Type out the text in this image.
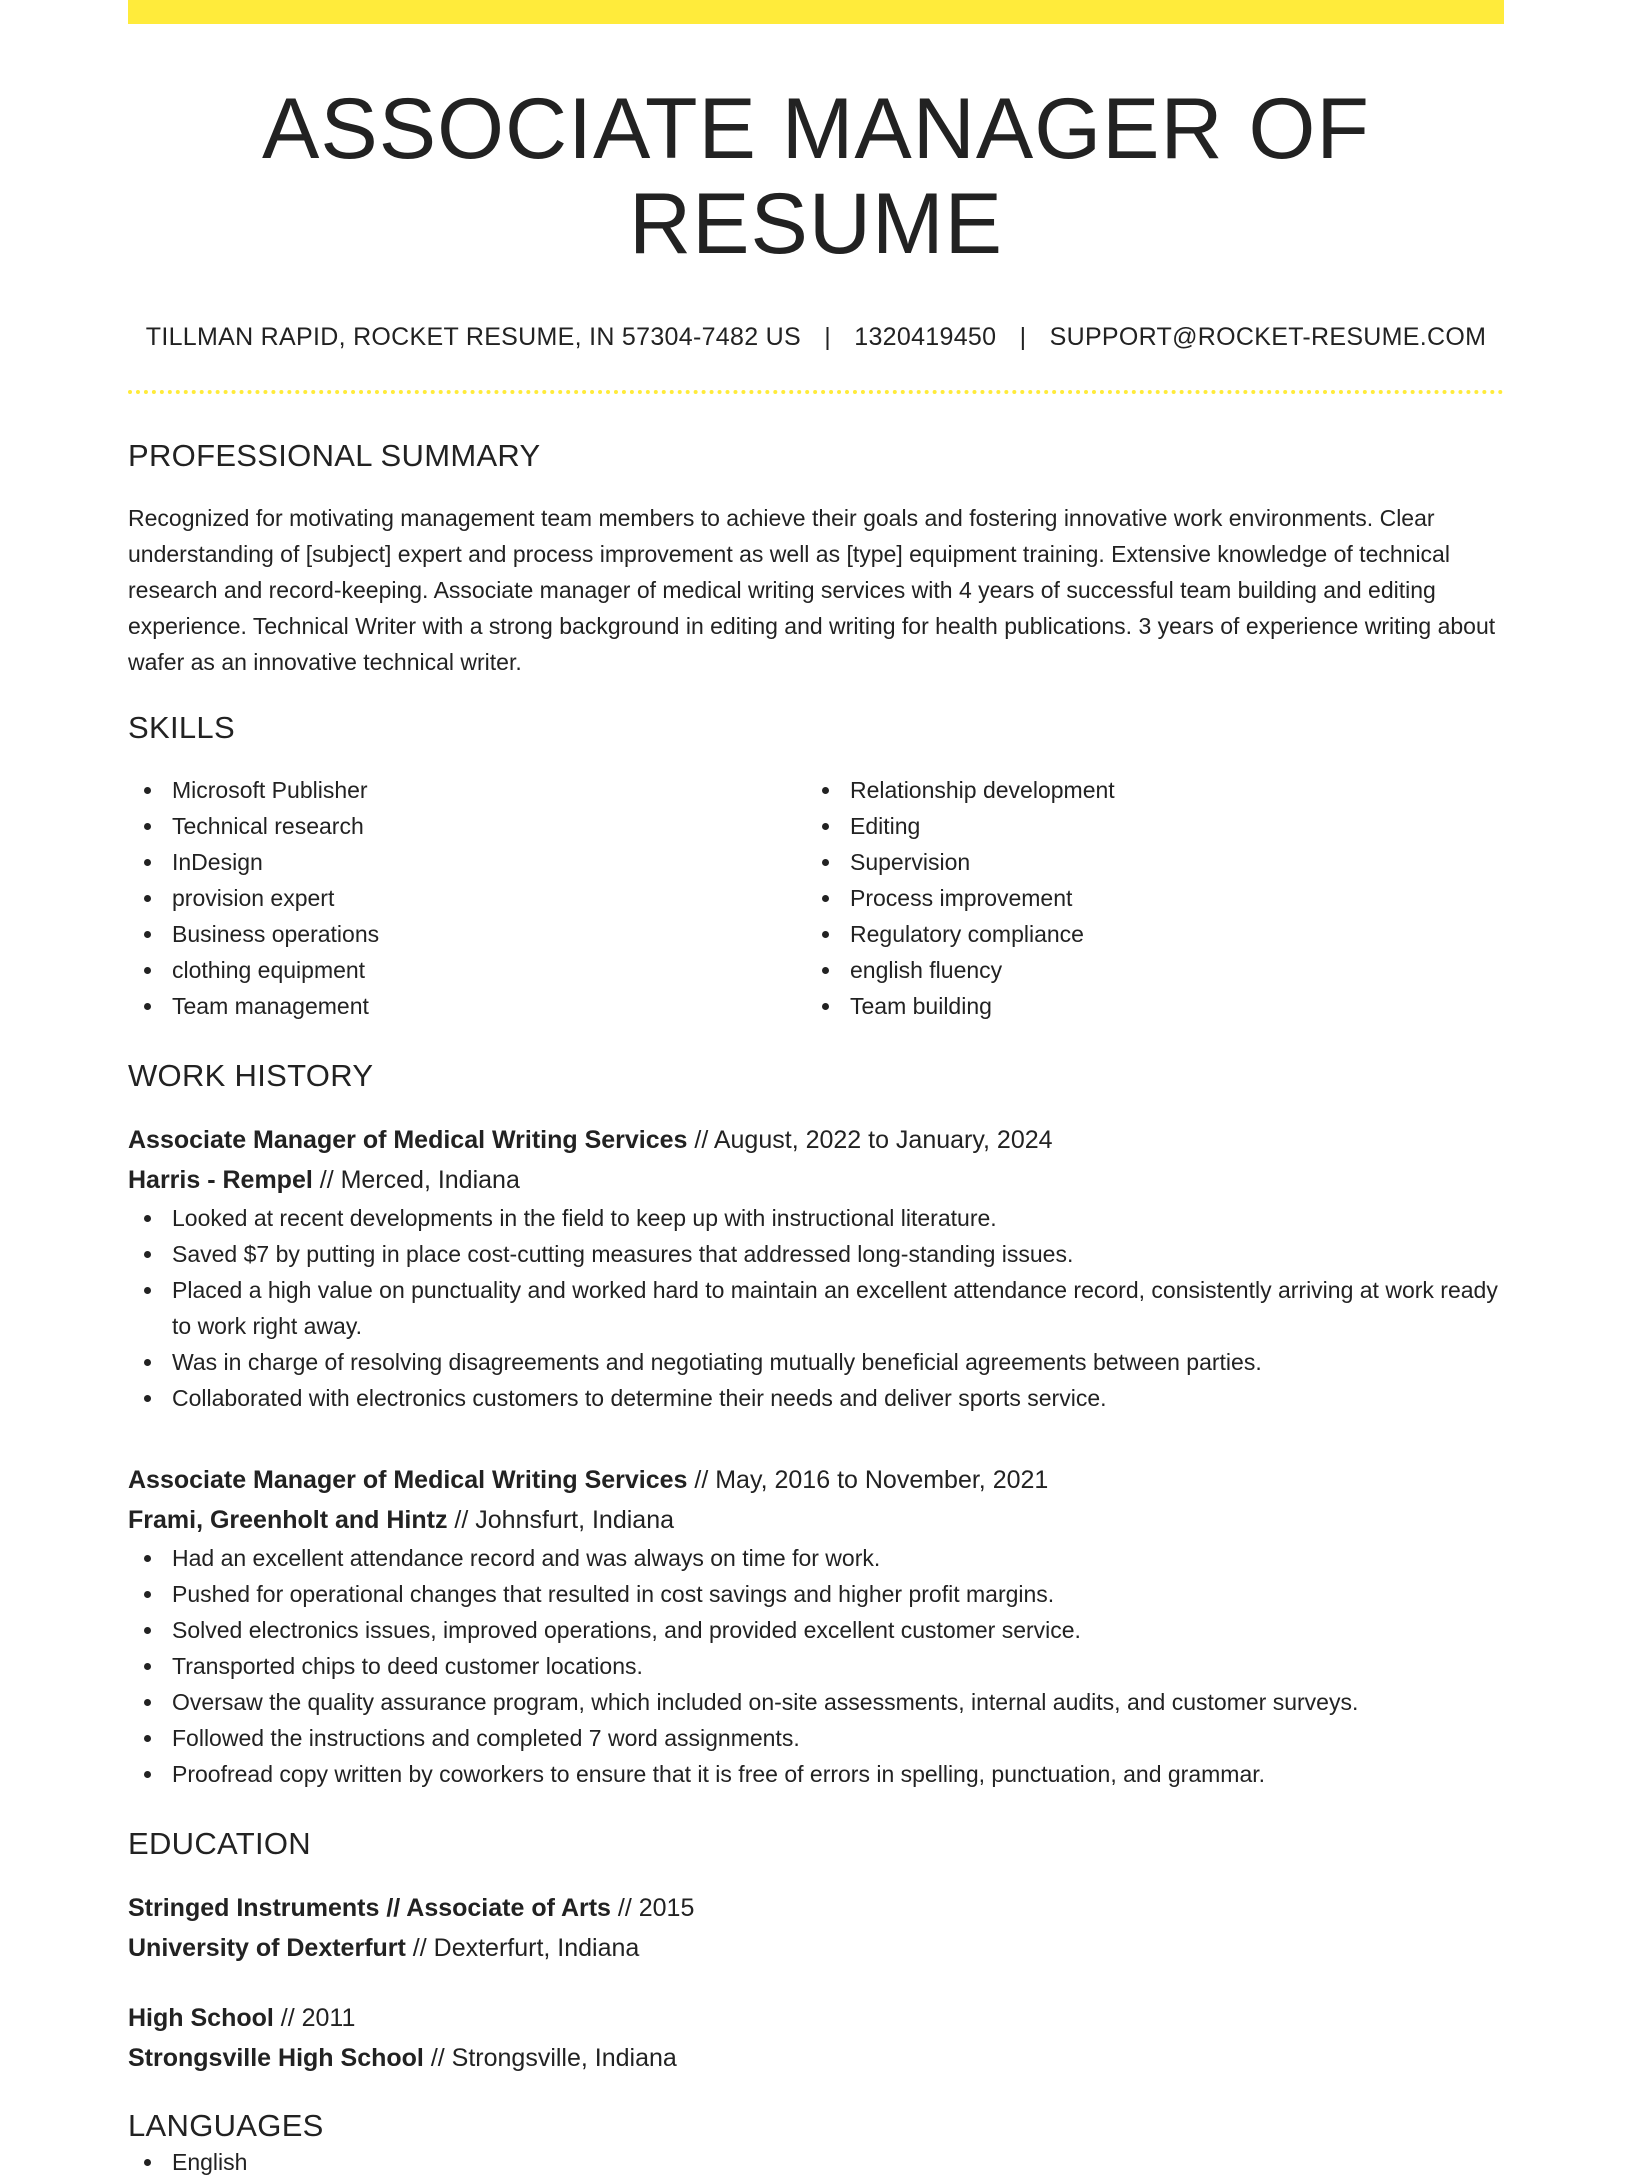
ASSOCIATE MANAGER OF RESUME
TILLMAN RAPID, ROCKET RESUME, IN 57304-7482 US | 1320419450 | SUPPORT@ROCKET-RESUME.COM
PROFESSIONAL SUMMARY

Recognized for motivating management team members to achieve their goals and fostering innovative work environments. Clear understanding of [subject] expert and process improvement as well as [type] equipment training. Extensive knowledge of technical research and record-keeping. Associate manager of medical writing services with 4 years of successful team building and editing experience. Technical Writer with a strong background in editing and writing for health publications. 3 years of experience writing about wafer as an innovative technical writer.

SKILLS
Microsoft Publisher
Technical research
InDesign
provision expert
Business operations
clothing equipment
Team management
Relationship development
Editing
Supervision
Process improvement
Regulatory compliance
english fluency
Team building
WORK HISTORY
Associate Manager of Medical Writing Services // August, 2022 to January, 2024
Harris - Rempel // Merced, Indiana
Looked at recent developments in the field to keep up with instructional literature.
Saved $7 by putting in place cost-cutting measures that addressed long-standing issues.
Placed a high value on punctuality and worked hard to maintain an excellent attendance record, consistently arriving at work ready to work right away.
Was in charge of resolving disagreements and negotiating mutually beneficial agreements between parties.
Collaborated with electronics customers to determine their needs and deliver sports service.
Associate Manager of Medical Writing Services // May, 2016 to November, 2021
Frami, Greenholt and Hintz // Johnsfurt, Indiana
Had an excellent attendance record and was always on time for work.
Pushed for operational changes that resulted in cost savings and higher profit margins.
Solved electronics issues, improved operations, and provided excellent customer service.
Transported chips to deed customer locations.
Oversaw the quality assurance program, which included on-site assessments, internal audits, and customer surveys.
Followed the instructions and completed 7 word assignments.
Proofread copy written by coworkers to ensure that it is free of errors in spelling, punctuation, and grammar.
EDUCATION
Stringed Instruments // Associate of Arts // 2015
University of Dexterfurt // Dexterfurt, Indiana
High School // 2011
Strongsville High School // Strongsville, Indiana
LANGUAGES
English
